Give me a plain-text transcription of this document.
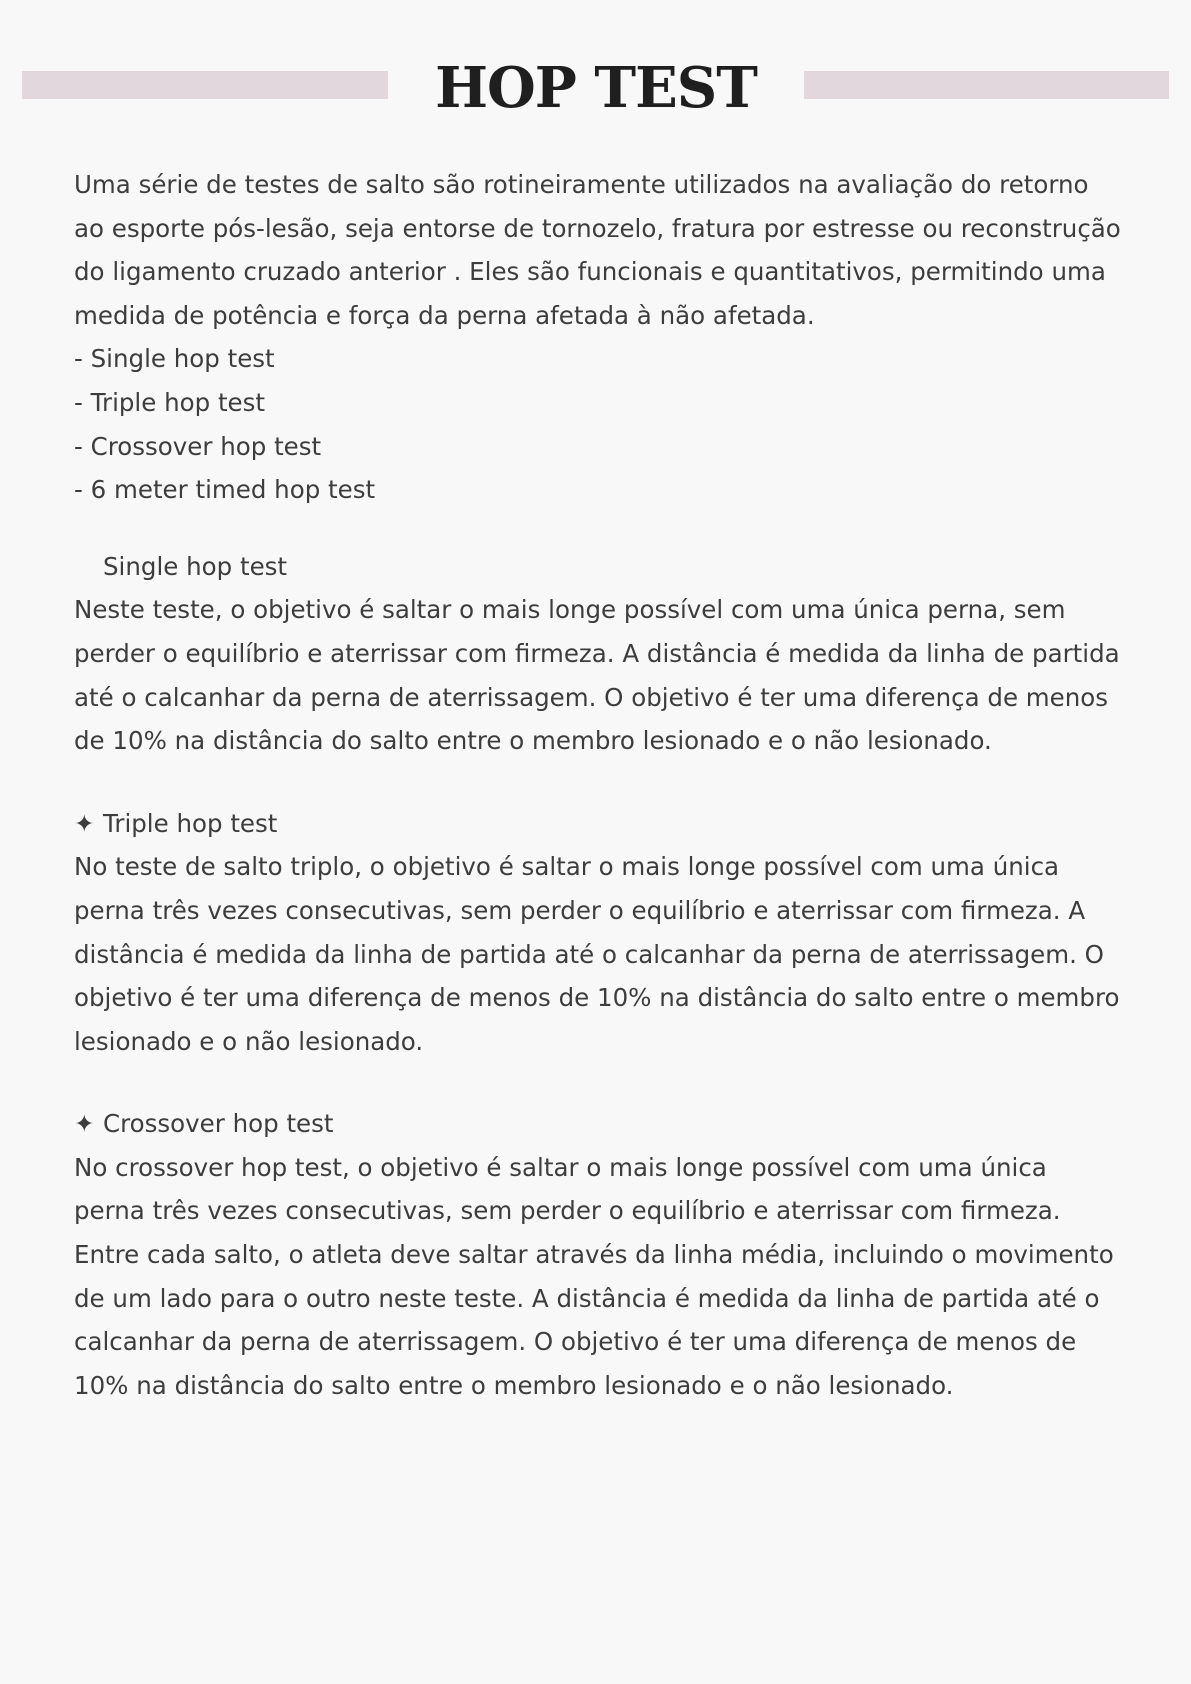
HOP TEST

Uma série de testes de salto são rotineiramente utilizados na avaliação do retorno ao esporte pós-lesão, seja entorse de tornozelo, fratura por estresse ou reconstrução do ligamento cruzado anterior . Eles são funcionais e quantitativos, permitindo uma medida de potência e força da perna afetada à não afetada.

- Single hop test

- Triple hop test

- Crossover hop test

- 6 meter timed hop test

Single hop test

Neste teste, o objetivo é saltar o mais longe possível com uma única perna, sem perder o equilíbrio e aterrissar com firmeza. A distância é medida da linha de partida até o calcanhar da perna de aterrissagem. O objetivo é ter uma diferença de menos de 10% na distância do salto entre o membro lesionado e o não lesionado.

✦ Triple hop test

No teste de salto triplo, o objetivo é saltar o mais longe possível com uma única perna três vezes consecutivas, sem perder o equilíbrio e aterrissar com firmeza. A distância é medida da linha de partida até o calcanhar da perna de aterrissagem. O objetivo é ter uma diferença de menos de 10% na distância do salto entre o membro lesionado e o não lesionado.

✦ Crossover hop test

No crossover hop test, o objetivo é saltar o mais longe possível com uma única perna três vezes consecutivas, sem perder o equilíbrio e aterrissar com firmeza. Entre cada salto, o atleta deve saltar através da linha média, incluindo o movimento de um lado para o outro neste teste. A distância é medida da linha de partida até o calcanhar da perna de aterrissagem. O objetivo é ter uma diferença de menos de 10% na distância do salto entre o membro lesionado e o não lesionado.
